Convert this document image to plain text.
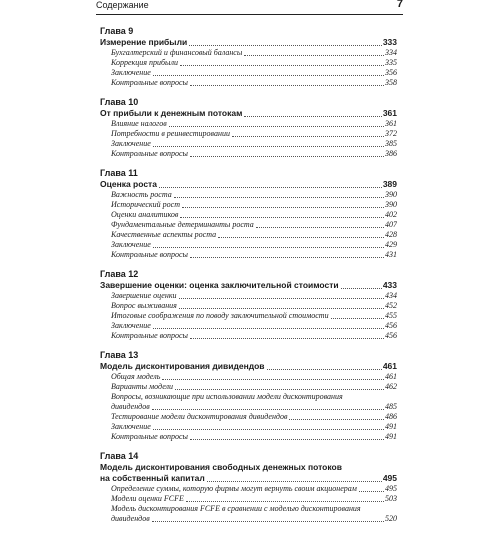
Содержание	7
Глава 9
Измерение прибыли	333
Бухгалтерский и финансовый балансы	334
Коррекция прибыли	335
Заключение	356
Контрольные вопросы	358
Глава 10
От прибыли к денежным потокам	361
Влияние налогов	361
Потребности в реинвестировании	372
Заключение	385
Контрольные вопросы	386
Глава 11
Оценка роста	389
Важность роста	390
Исторический рост	390
Оценки аналитиков	402
Фундаментальные детерминанты роста	407
Качественные аспекты роста	428
Заключение	429
Контрольные вопросы	431
Глава 12
Завершение оценки: оценка заключительной стоимости	433
Завершение оценки	434
Вопрос выживания	452
Итоговые соображения по поводу заключительной стоимости	455
Заключение	456
Контрольные вопросы	456
Глава 13
Модель дисконтирования дивидендов	461
Общая модель	461
Варианты модели	462
Вопросы, возникающие при использовании модели дисконтирования
дивидендов	485
Тестирование модели дисконтирования дивидендов	486
Заключение	491
Контрольные вопросы	491
Глава 14
Модель дисконтирования свободных денежных потоков
на собственный капитал	495
Определение суммы, которую фирмы могут вернуть своим акционерам	495
Модели оценки FCFE	503
Модель дисконтирования FCFE в сравнении с моделью дисконтирования
дивидендов	520
